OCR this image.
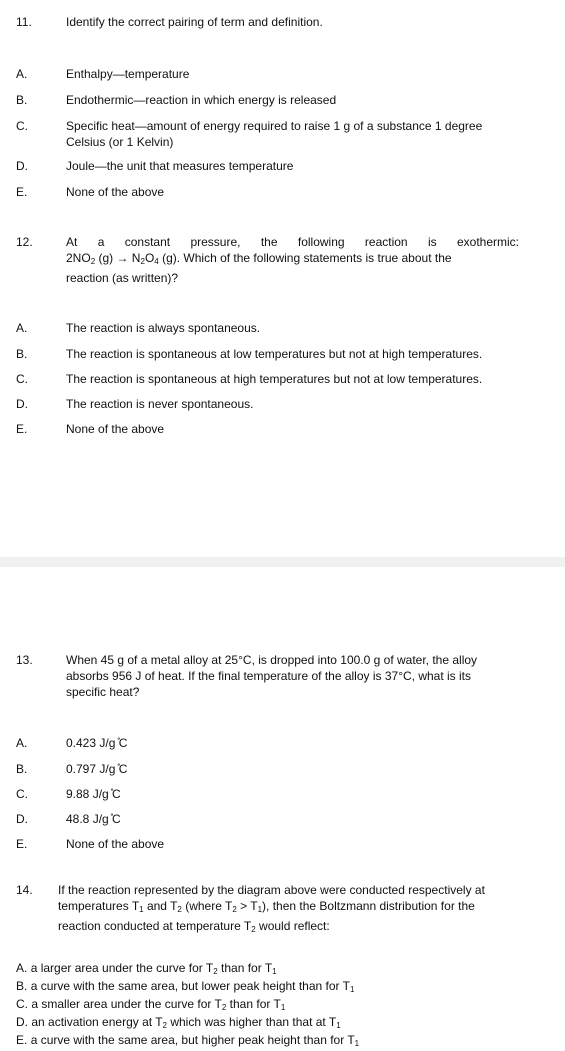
11.	Identify the correct pairing of term and definition.
A.	Enthalpy—temperature
B.	Endothermic—reaction in which energy is released
C.	Specific heat—amount of energy required to raise 1 g of a substance 1 degree
Celsius (or 1 Kelvin)
D.	Joule—the unit that measures temperature
E.	None of the above
12.	At a constant pressure, the following reaction is exothermic:
$2NO_2$ $(g) \to N_2O_4$ (g). Which of the following statements is true about the
reaction (as written)?
A.	The reaction is always spontaneous.
B.	The reaction is spontaneous at low temperatures but not at high temperatures.
C.	The reaction is spontaneous at high temperatures but not at low temperatures.
D.	The reaction is never spontaneous.
E.	None of the above
13.	When 45 g of a metal alloy at 25°C, is dropped into 100.0 g of water, the alloy
absorbs 956 J of heat. If the final temperature of the alloy is 37°C, what is its
specific heat?
A.	0.423 J/g ̊C
B.	0.797 J/g ̊C
C.	9.88 J/g ̊C
D.	48.8 J/g ̊C
E.	None of the above
14. If the reaction represented by the diagram above were conducted respectively at
temperatures $T_1$ and $T_2$ (where $T_2 > T_1$), then the Boltzmann distribution for the
reaction conducted at temperature $T_2$ would reflect:
A. a larger area under the curve for $T_2$ than for $T_1$
B. a curve with the same area, but lower peak height than for $T_1$
C. a smaller area under the curve for $T_2$ than for $T_1$
D. an activation energy at $T_2$ which was higher than that at $T_1$
E. a curve with the same area, but higher peak height than for $T_1$
